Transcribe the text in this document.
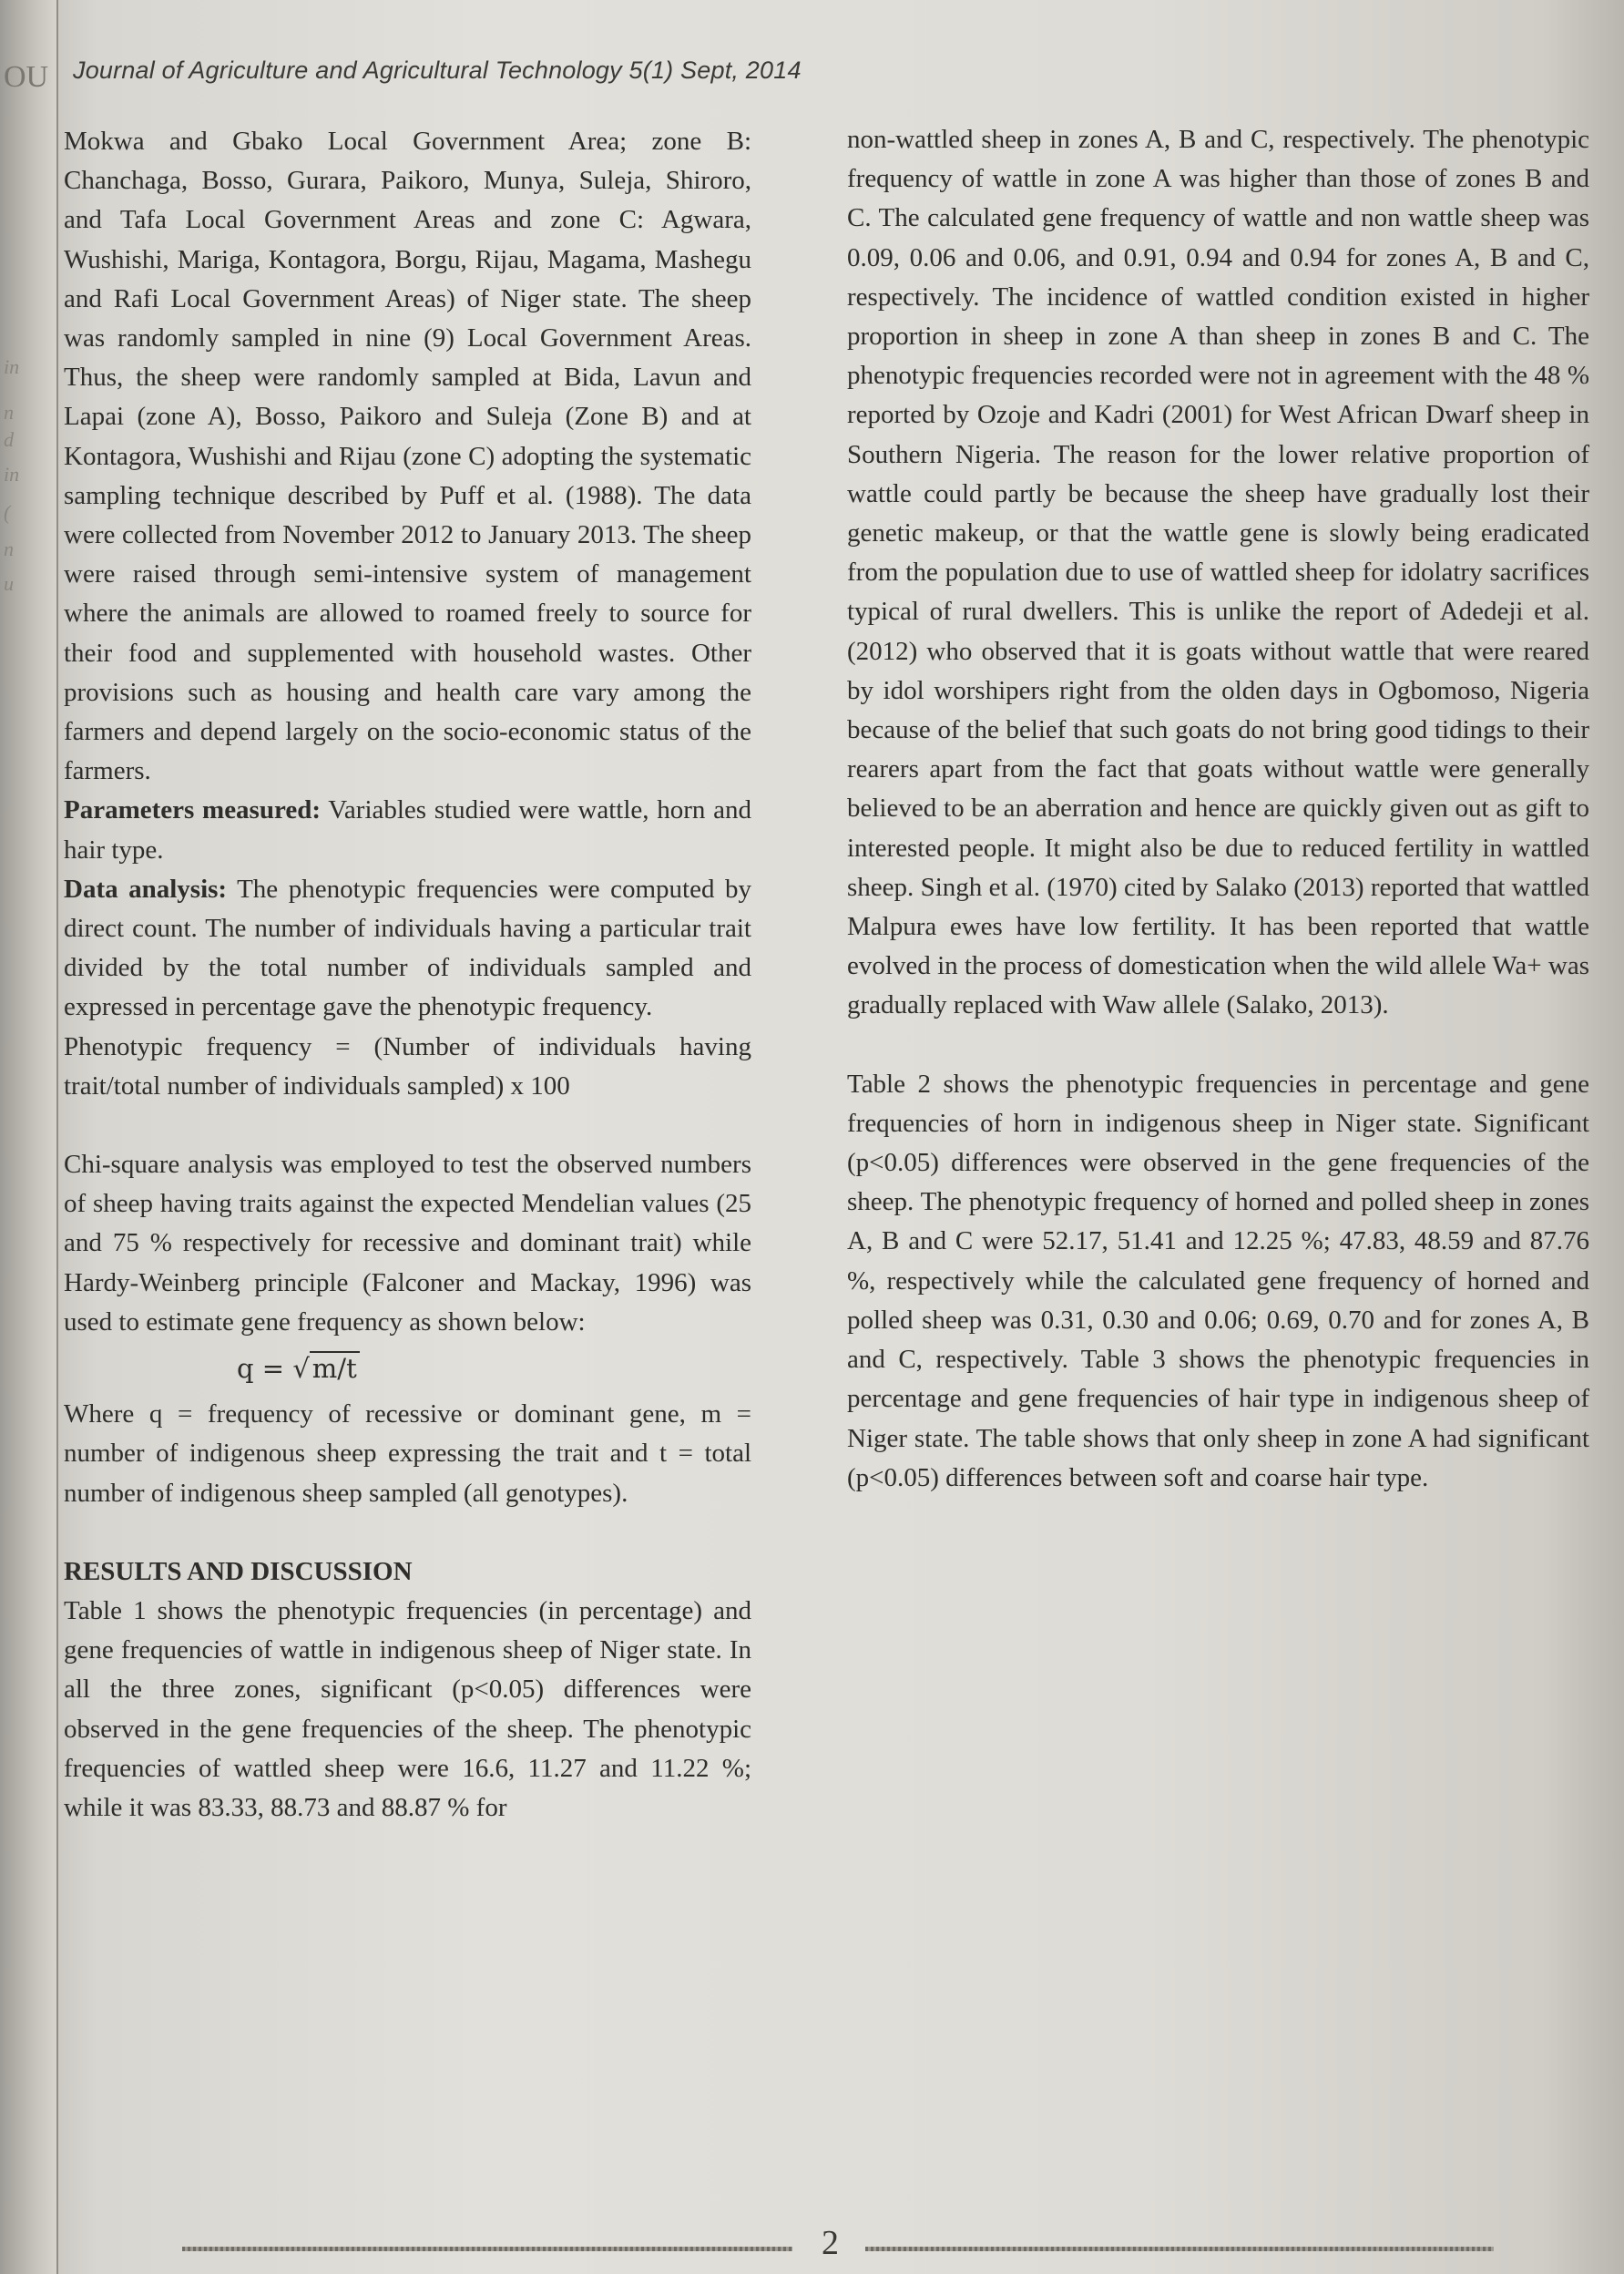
OU
in
n
d
in
(
n
u
Journal of Agriculture and Agricultural Technology 5(1) Sept, 2014

Mokwa and Gbako Local Government Area; zone B: Chanchaga, Bosso, Gurara, Paikoro, Munya, Suleja, Shiroro, and Tafa Local Government Areas and zone C: Agwara, Wushishi, Mariga, Kontagora, Borgu, Rijau, Magama, Mashegu and Rafi Local Government Areas) of Niger state. The sheep was randomly sampled in nine (9) Local Government Areas. Thus, the sheep were randomly sampled at Bida, Lavun and Lapai (zone A), Bosso, Paikoro and Suleja (Zone B) and at Kontagora, Wushishi and Rijau (zone C) adopting the systematic sampling technique described by Puff et al. (1988). The data were collected from November 2012 to January 2013. The sheep were raised through semi-intensive system of management where the animals are allowed to roamed freely to source for their food and supplemented with household wastes. Other provisions such as housing and health care vary among the farmers and depend largely on the socio-economic status of the farmers.

Parameters measured: Variables studied were wattle, horn and hair type.

Data analysis: The phenotypic frequencies were computed by direct count. The number of individuals having a particular trait divided by the total number of individuals sampled and expressed in percentage gave the phenotypic frequency.

Phenotypic frequency = (Number of individuals having trait/total number of individuals sampled) x 100

Chi-square analysis was employed to test the observed numbers of sheep having traits against the expected Mendelian values (25 and 75 % respectively for recessive and dominant trait) while Hardy-Weinberg principle (Falconer and Mackay, 1996) was used to estimate gene frequency as shown below:

q = √ m/t

Where q = frequency of recessive or dominant gene, m = number of indigenous sheep expressing the trait and t = total number of indigenous sheep sampled (all genotypes).

RESULTS AND DISCUSSION

Table 1 shows the phenotypic frequencies (in percentage) and gene frequencies of wattle in indigenous sheep of Niger state. In all the three zones, significant (p<0.05) differences were observed in the gene frequencies of the sheep. The phenotypic frequencies of wattled sheep were 16.6, 11.27 and 11.22 %; while it was 83.33, 88.73 and 88.87 % for

non-wattled sheep in zones A, B and C, respectively. The phenotypic frequency of wattle in zone A was higher than those of zones B and C. The calculated gene frequency of wattle and non wattle sheep was 0.09, 0.06 and 0.06, and 0.91, 0.94 and 0.94 for zones A, B and C, respectively. The incidence of wattled condition existed in higher proportion in sheep in zone A than sheep in zones B and C. The phenotypic frequencies recorded were not in agreement with the 48 % reported by Ozoje and Kadri (2001) for West African Dwarf sheep in Southern Nigeria. The reason for the lower relative proportion of wattle could partly be because the sheep have gradually lost their genetic makeup, or that the wattle gene is slowly being eradicated from the population due to use of wattled sheep for idolatry sacrifices typical of rural dwellers. This is unlike the report of Adedeji et al. (2012) who observed that it is goats without wattle that were reared by idol worshipers right from the olden days in Ogbomoso, Nigeria because of the belief that such goats do not bring good tidings to their rearers apart from the fact that goats without wattle were generally believed to be an aberration and hence are quickly given out as gift to interested people. It might also be due to reduced fertility in wattled sheep. Singh et al. (1970) cited by Salako (2013) reported that wattled Malpura ewes have low fertility. It has been reported that wattle evolved in the process of domestication when the wild allele Wa+ was gradually replaced with Waw allele (Salako, 2013).

Table 2 shows the phenotypic frequencies in percentage and gene frequencies of horn in indigenous sheep in Niger state. Significant (p<0.05) differences were observed in the gene frequencies of the sheep. The phenotypic frequency of horned and polled sheep in zones A, B and C were 52.17, 51.41 and 12.25 %; 47.83, 48.59 and 87.76 %, respectively while the calculated gene frequency of horned and polled sheep was 0.31, 0.30 and 0.06; 0.69, 0.70 and for zones A, B and C, respectively. Table 3 shows the phenotypic frequencies in percentage and gene frequencies of hair type in indigenous sheep of Niger state. The table shows that only sheep in zone A had significant (p<0.05) differences between soft and coarse hair type.

2
